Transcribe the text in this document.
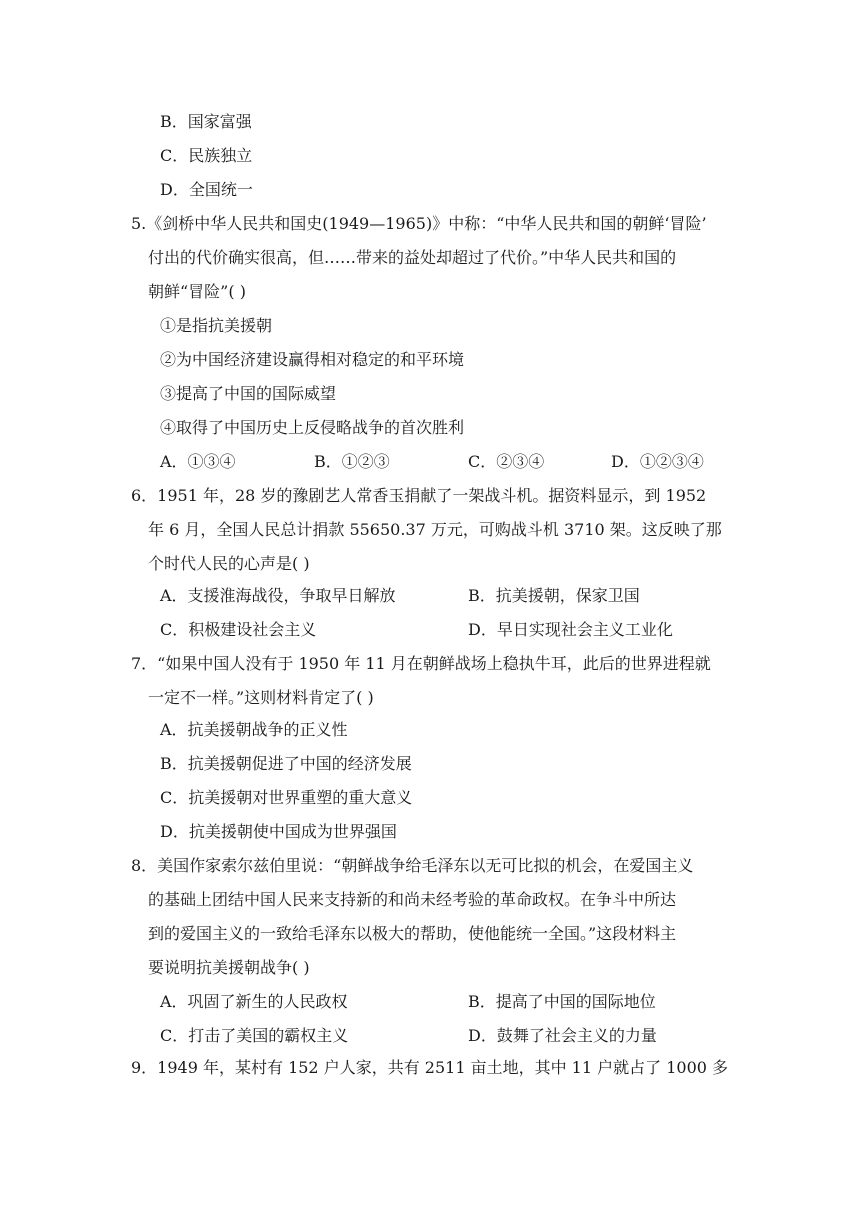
B．国家富强
C．民族独立
D．全国统一
5.《剑桥中华人民共和国史(1949—1965)》中称：“中华人民共和国的朝鲜‘冒险’
付出的代价确实很高，但……带来的益处却超过了代价。”中华人民共和国的
朝鲜“冒险”( )
①是指抗美援朝
②为中国经济建设赢得相对稳定的和平环境
③提高了中国的国际威望
④取得了中国历史上反侵略战争的首次胜利
A．①③④	B．①②③	C．②③④	D．①②③④
6．1951 年，28 岁的豫剧艺人常香玉捐献了一架战斗机。据资料显示，到 1952
年 6 月，全国人民总计捐款 55650.37 万元，可购战斗机 3710 架。这反映了那
个时代人民的心声是( )
A．支援淮海战役，争取早日解放	B．抗美援朝，保家卫国
C．积极建设社会主义	D．早日实现社会主义工业化
7．“如果中国人没有于 1950 年 11 月在朝鲜战场上稳执牛耳，此后的世界进程就
一定不一样。”这则材料肯定了( )
A．抗美援朝战争的正义性
B．抗美援朝促进了中国的经济发展
C．抗美援朝对世界重塑的重大意义
D．抗美援朝使中国成为世界强国
8．美国作家索尔兹伯里说：“朝鲜战争给毛泽东以无可比拟的机会，在爱国主义
的基础上团结中国人民来支持新的和尚未经考验的革命政权。在争斗中所达
到的爱国主义的一致给毛泽东以极大的帮助，使他能统一全国。”这段材料主
要说明抗美援朝战争( )
A．巩固了新生的人民政权	B．提高了中国的国际地位
C．打击了美国的霸权主义	D．鼓舞了社会主义的力量
9．1949 年，某村有 152 户人家，共有 2511 亩土地，其中 11 户就占了 1000 多
